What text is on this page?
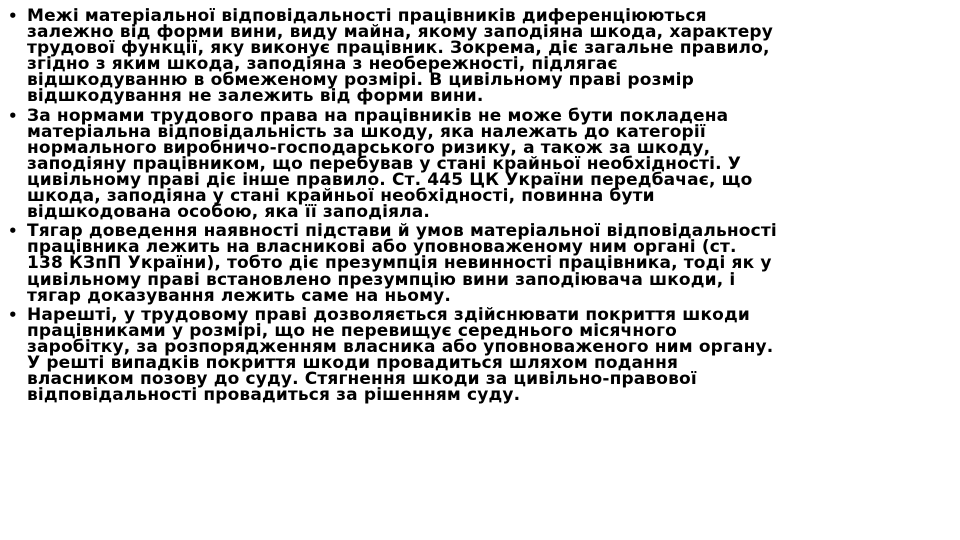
• Межі матеріальної відповідальності працівників диференціюються
залежно від форми вини, виду майна, якому заподіяна шкода, характеру
трудової функції, яку виконує працівник. Зокрема, діє загальне правило,
згідно з яким шкода, заподіяна з необережності, підлягає
відшкодуванню в обмеженому розмірі. В цивільному праві розмір
відшкодування не залежить від форми вини.
• За нормами трудового права на працівників не може бути покладена
матеріальна відповідальність за шкоду, яка належать до категорії
нормального виробничо-господарського ризику, а також за шкоду,
заподіяну працівником, що перебував у стані крайньої необхідності. У
цивільному праві діє інше правило. Ст. 445 ЦК України передбачає, що
шкода, заподіяна у стані крайньої необхідності, повинна бути
відшкодована особою, яка її заподіяла.
• Тягар доведення наявності підстави й умов матеріальної відповідальності
працівника лежить на власникові або уповноваженому ним органі (ст.
138 КЗпП України), тобто діє презумпція невинності працівника, тоді як у
цивільному праві встановлено презумпцію вини заподіювача шкоди, і
тягар доказування лежить саме на ньому.
• Нарешті, у трудовому праві дозволяється здійснювати покриття шкоди
працівниками у розмірі, що не перевищує середнього місячного
заробітку, за розпорядженням власника або уповноваженого ним органу.
У решті випадків покриття шкоди провадиться шляхом подання
власником позову до суду. Стягнення шкоди за цивільно-правової
відповідальності провадиться за рішенням суду.
